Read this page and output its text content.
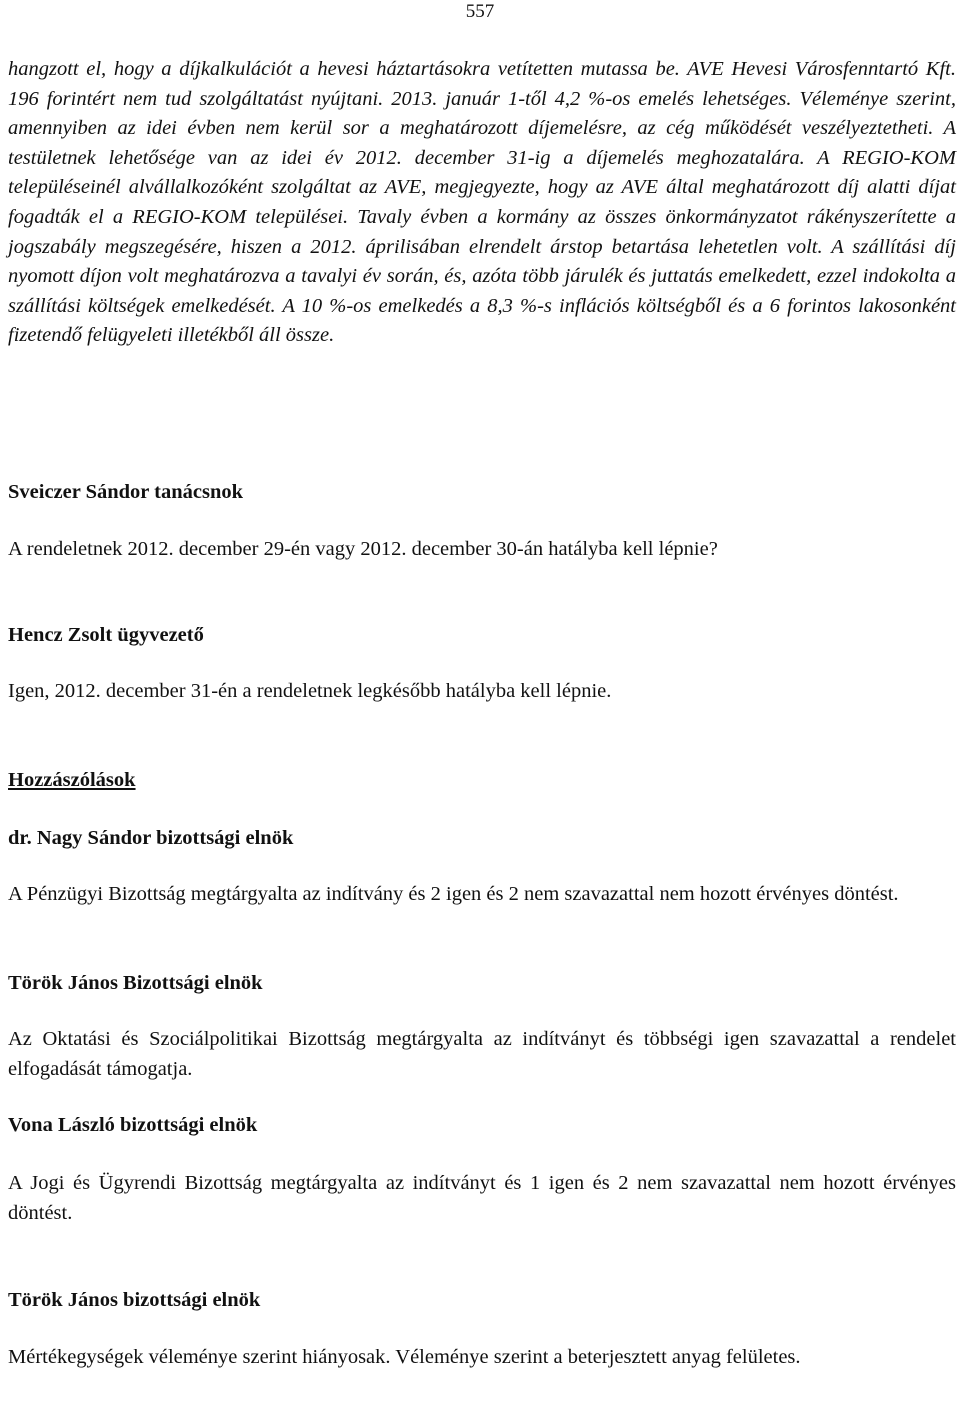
557

hangzott el, hogy a díjkalkulációt a hevesi háztartásokra vetítetten mutassa be. AVE Hevesi Városfenntartó Kft. 196 forintért nem tud szolgáltatást nyújtani. 2013. január 1-től 4,2 %-os emelés lehetséges. Véleménye szerint, amennyiben az idei évben nem kerül sor a meghatározott díjemelésre, az cég működését veszélyeztetheti. A testületnek lehetősége van az idei év 2012. december 31-ig a díjemelés meghozatalára. A REGIO-KOM településeinél alvállalkozóként szolgáltat az AVE, megjegyezte, hogy az AVE által meghatározott díj alatti díjat fogadták el a REGIO-KOM települései. Tavaly évben a kormány az összes önkormányzatot rákényszerítette a jogszabály megszegésére, hiszen a 2012. áprilisában elrendelt árstop betartása lehetetlen volt. A szállítási díj nyomott díjon volt meghatározva a tavalyi év során, és, azóta több járulék és juttatás emelkedett, ezzel indokolta a szállítási költségek emelkedését. A 10 %-os emelkedés a 8,3 %-s inflációs költségből és a 6 forintos lakosonként fizetendő felügyeleti illetékből áll össze.

Sveiczer Sándor tanácsnok

A rendeletnek 2012. december 29-én vagy 2012. december 30-án hatályba kell lépnie?

Hencz Zsolt ügyvezető

Igen, 2012. december 31-én a rendeletnek legkésőbb hatályba kell lépnie.

Hozzászólások
dr. Nagy Sándor bizottsági elnök

A Pénzügyi Bizottság megtárgyalta az indítvány és 2 igen és 2 nem szavazattal nem hozott érvényes döntést.

Török János Bizottsági elnök

Az Oktatási és Szociálpolitikai Bizottság megtárgyalta az indítványt és többségi igen szavazattal a rendelet elfogadását támogatja.

Vona László bizottsági elnök

A Jogi és Ügyrendi Bizottság megtárgyalta az indítványt és 1 igen és 2 nem szavazattal nem hozott érvényes döntést.

Török János bizottsági elnök

Mértékegységek véleménye szerint hiányosak. Véleménye szerint a beterjesztett anyag felületes.
